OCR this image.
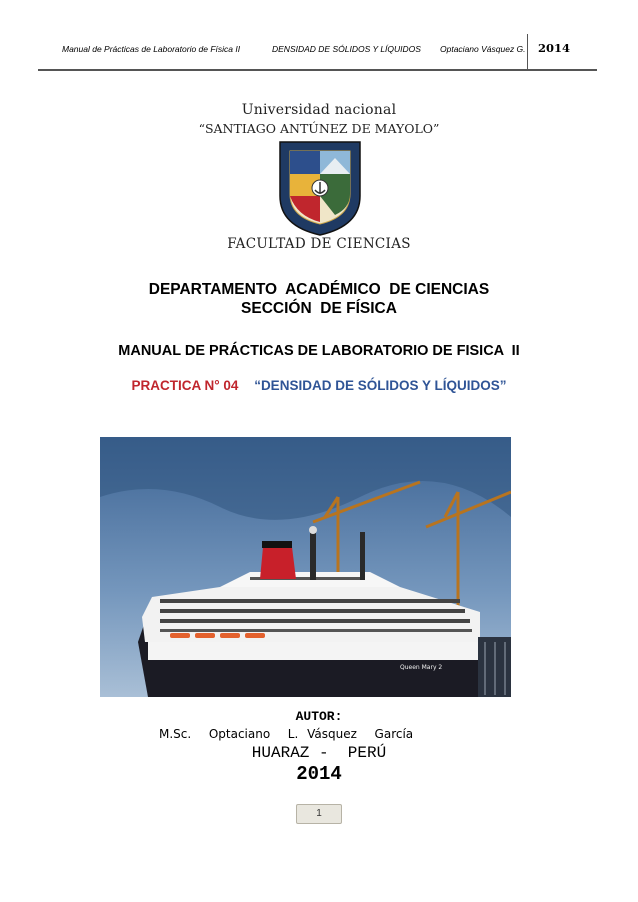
Manual de Prácticas de Laboratorio de Física II	DENSIDAD DE SÓLIDOS Y LÍQUIDOS Optaciano Vásquez G. 2014
Universidad nacional
“SANTIAGO ANTÚNEZ DE MAYOLO”
FACULTAD DE CIENCIAS
DEPARTAMENTO  ACADÉMICO  DE CIENCIAS
SECCIÓN  DE FÍSICA
MANUAL DE PRÁCTICAS DE LABORATORIO DE FISICA  II
PRACTICA N° 04 “DENSIDAD DE SÓLIDOS Y LÍQUIDOS”
Queen Mary 2
AUTOR:
M.Sc.  Optaciano  L. Vásquez  García
HUARAZ -  PERÚ
2014
1
